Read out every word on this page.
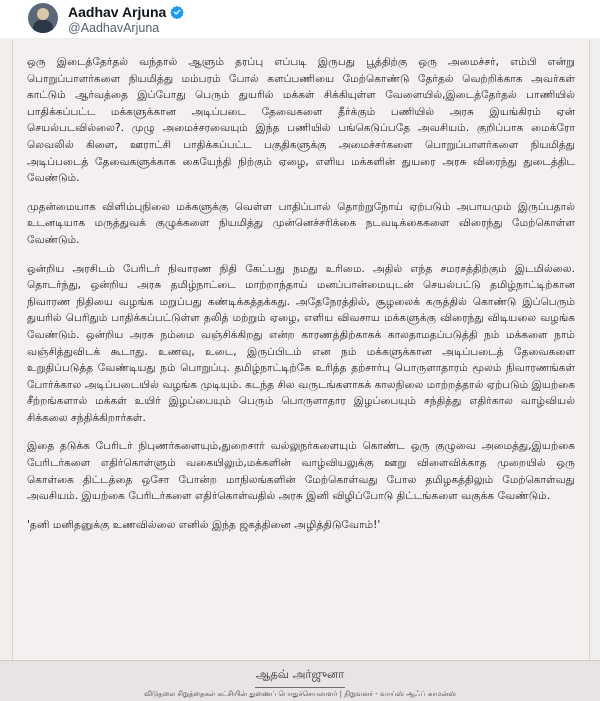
Aadhav Arjuna
@AadhavArjuna

ஒரு இடைத்தேர்தல் வந்தால் ஆளும் தரப்பு எப்படி இருபது பூத்திற்கு ஒரு அமைச்சர், எம்பி என்று பொறுப்பாளர்களை நியமித்து மம்பரம் போல் களப்பணியை மேற்கொண்டு தேர்தல் வெற்றிக்காக அவர்கள் காட்டும் ஆர்வத்தை இப்போது பெரும் துயரில் மக்கள் சிக்கியுள்ள வேளையில்,இடைத்தேர்தல் பாணியில் பாதிக்கப்பட்ட மக்களுக்கான அடிப்படை தேவைகளை தீர்க்கும் பணியில் அரசு இயங்கிரம் ஏன் செயல்படவில்லை?. முழு அமைச்சரவையும் இந்த பணியில் பங்கெடுப்பதே அவசியம். குறிப்பாக மைக்ரோ லெவலில் கிளை, ஊராட்சி பாதிக்கப்பட்ட பகுதிகளுக்கு அமைச்சர்களை பொறுப்பாளர்களை நியமித்து அடிப்படைத் தேவைகளுக்காக கையேந்தி நிற்கும் ஏழை, எளிய மக்களின் துயரை அரசு விரைந்து துடைத்திட வேண்டும்.

முதன்மையாக விளிம்புநிலை மக்களுக்கு வெள்ள பாதிப்பால் தொற்றுநோய் ஏற்படும் அபாயமும் இருப்பதால் உடனடியாக மருத்துவக் குழுக்களை நியமித்து முன்னெச்சரிக்கை நடவடிக்கைகளை விரைந்து மேற்கொள்ள வேண்டும்.

ஒன்றிய அரசிடம் பேரிடர் நிவாரண நிதி கேட்பது நமது உரிமை. அதில் எந்த சமரசத்திற்கும் இடமில்லை. தொடர்ந்து, ஒன்றிய அரசு தமிழ்நாட்டை மாற்றாந்தாய் மனப்பான்மையுடன் செயல்பட்டு தமிழ்நாட்டிற்கான நிவாரண நிதியை வழங்க மறுப்பது கண்டிக்கத்தக்கது. அதேநேரத்தில், சூழலைக் கருத்தில் கொண்டு இப்பெரும் துயரில் பெரிதும் பாதிக்கப்பட்டுள்ள தலித் மற்றும் ஏழை, எளிய விவசாய மக்களுக்கு விரைந்து விடியலை வழங்க வேண்டும். ஒன்றிய அரசு நம்மை வஞ்சிக்கிறது என்ற காரணத்திற்காகக் காலதாமதப்படுத்தி நம் மக்களை நாம் வஞ்சித்துவிடக் கூடாது. உணவு, உடை, இருப்பிடம் என நம் மக்களுக்கான அடிப்படைத் தேவைகளை உறுதிப்படுத்த வேண்டியது நம் பொறுப்பு. தமிழ்நாட்டிற்கே உரித்த தற்சார்பு பொருளாதாரம் மூலம் நிவாரணங்கள் போர்க்கால அடிப்படையில் வழங்க முடியும். கடந்த சில வருடங்களாகக் காலநிலை மாற்றத்தால் ஏற்படும் இயற்கை சீற்றங்களால் மக்கள் உயிர் இழப்பையும் பெரும் பொருளாதார இழப்பையும் சந்தித்து எதிர்கால வாழ்வியல் சிக்கலை சந்திக்கிறார்கள்.

இதை தடுக்க பேரிடர் நிபுணர்களையும்,துறைசார் வல்லுநர்களையும் கொண்ட ஒரு குழுவை அமைத்து,இயற்கை பேரிடர்களை எதிர்கொள்ளும் வகையிலும்,மக்களின் வாழ்வியலுக்கு ஊறு விளைவிக்காத முறையில் ஒரு கொள்கை திட்டத்தை ஒசோ போன்ற மாநிலங்களின் மேற்கொள்வது போல தமிழகத்திலும் மேற்கொள்வது அவசியம். இயற்கை பேரிடர்களை எதிர்கொள்வதில் அரசு இனி விழிப்போடு திட்டங்களை வகுக்க வேண்டும்.

'தனி மனிதனுக்கு உணவில்லை எனில் இந்த ஜகத்தினை அழித்திடுவோம்!'

ஆதவ் அர்ஜுனா
விடுதலை சிறுத்தைகள் கட்சியின் துணைப் பொதுச்செயலாளர் | நிறுவனர் - வாய்ஸ் ஆஃப் காமன்ஸ்
